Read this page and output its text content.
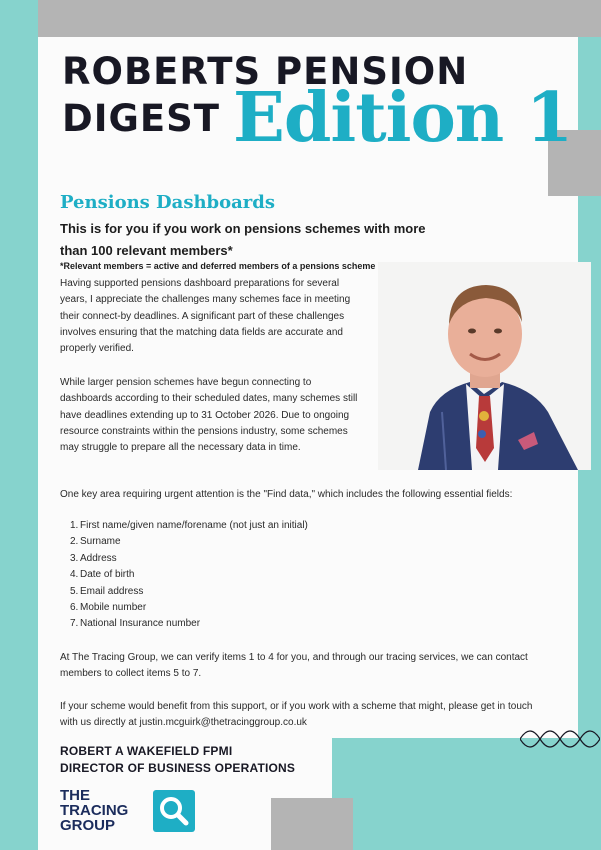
ROBERTS PENSION
DIGEST Edition 1
Pensions Dashboards
This is for you if you work on pensions schemes with more than 100 relevant members*
*Relevant members = active and deferred members of a pensions scheme
Having supported pensions dashboard preparations for several years, I appreciate the challenges many schemes face in meeting their connect-by deadlines. A significant part of these challenges involves ensuring that the matching data fields are accurate and properly verified.
While larger pension schemes have begun connecting to dashboards according to their scheduled dates, many schemes still have deadlines extending up to 31 October 2026. Due to ongoing resource constraints within the pensions industry, some schemes may struggle to prepare all the necessary data in time.
One key area requiring urgent attention is the "Find data," which includes the following essential fields:
1. First name/given name/forename (not just an initial)
2. Surname
3. Address
4. Date of birth
5. Email address
6. Mobile number
7. National Insurance number
At The Tracing Group, we can verify items 1 to 4 for you, and through our tracing services, we can contact members to collect items 5 to 7.
If your scheme would benefit from this support, or if you work with a scheme that might, please get in touch with us directly at justin.mcguirk@thetracinggroup.co.uk
ROBERT A WAKEFIELD FPMI
DIRECTOR OF BUSINESS OPERATIONS
THE
TRACING
GROUP
